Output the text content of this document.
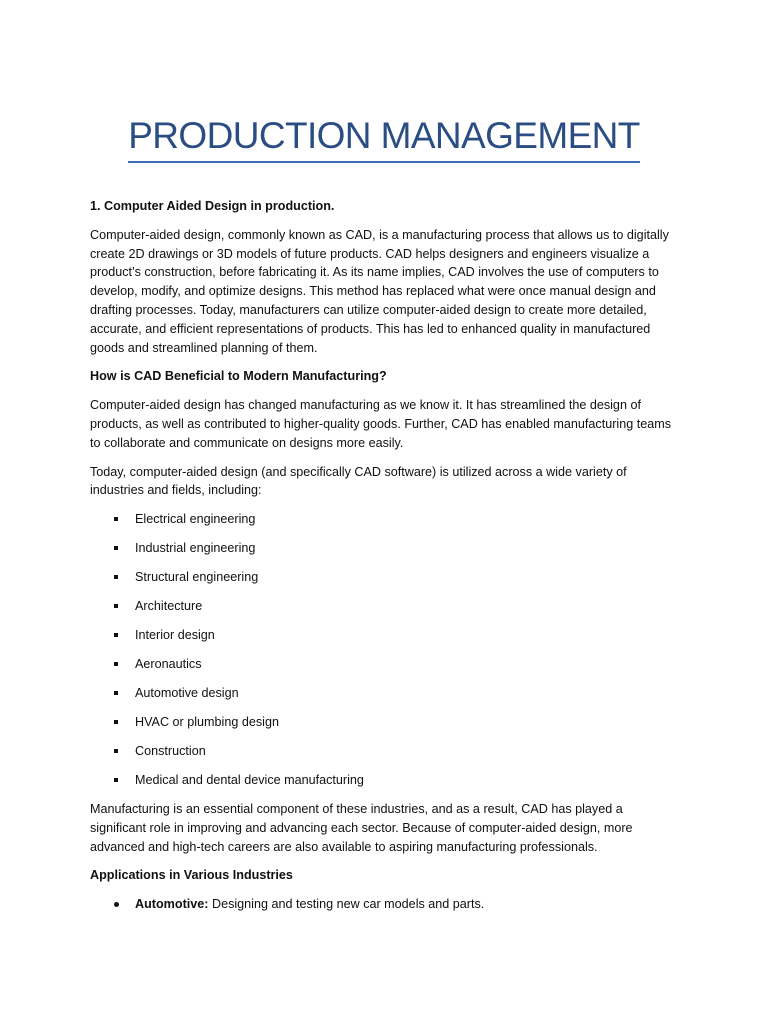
PRODUCTION MANAGEMENT
1. Computer Aided Design in production.

Computer-aided design, commonly known as CAD, is a manufacturing process that allows us to digitally create 2D drawings or 3D models of future products. CAD helps designers and engineers visualize a product’s construction, before fabricating it. As its name implies, CAD involves the use of computers to develop, modify, and optimize designs. This method has replaced what were once manual design and drafting processes. Today, manufacturers can utilize computer-aided design to create more detailed, accurate, and efficient representations of products. This has led to enhanced quality in manufactured goods and streamlined planning of them.

How is CAD Beneficial to Modern Manufacturing?

Computer-aided design has changed manufacturing as we know it. It has streamlined the design of products, as well as contributed to higher-quality goods. Further, CAD has enabled manufacturing teams to collaborate and communicate on designs more easily.

Today, computer-aided design (and specifically CAD software) is utilized across a wide variety of industries and fields, including:

Electrical engineering
Industrial engineering
Structural engineering
Architecture
Interior design
Aeronautics
Automotive design
HVAC or plumbing design
Construction
Medical and dental device manufacturing

Manufacturing is an essential component of these industries, and as a result, CAD has played a significant role in improving and advancing each sector. Because of computer-aided design, more advanced and high-tech careers are also available to aspiring manufacturing professionals.

Applications in Various Industries
Automotive: Designing and testing new car models and parts.
